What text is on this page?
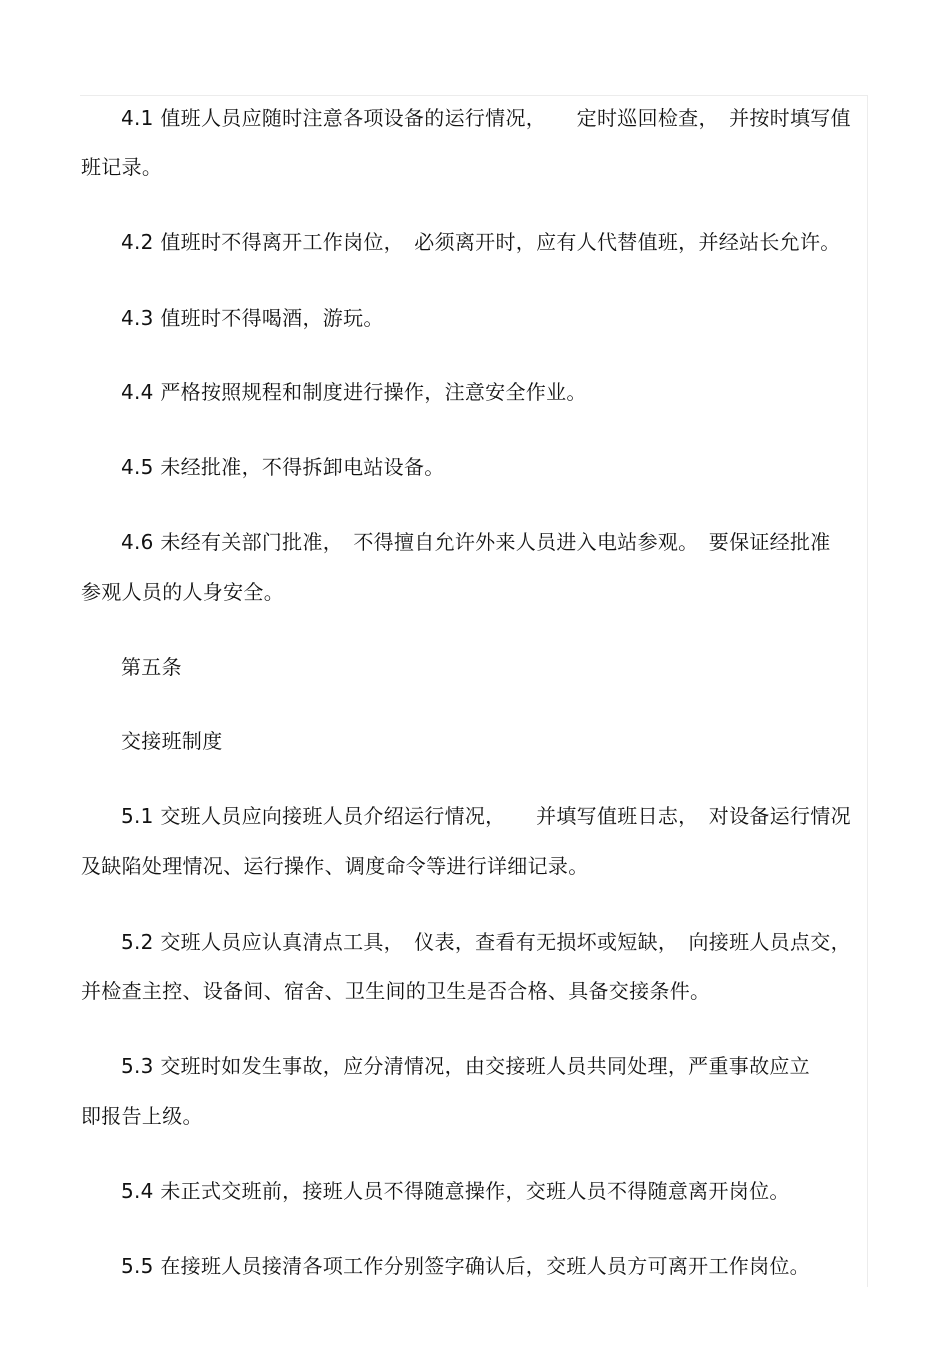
4.1 值班人员应随时注意各项设备的运行情况，　　定时巡回检查，　并按时填写值
班记录。
4.2 值班时不得离开工作岗位，　必须离开时，应有人代替值班，并经站长允许。
4.3 值班时不得喝酒，游玩。
4.4 严格按照规程和制度进行操作，注意安全作业。
4.5 未经批准，不得拆卸电站设备。
4.6 未经有关部门批准，　不得擅自允许外来人员进入电站参观。　要保证经批准
参观人员的人身安全。
第五条
交接班制度
5.1 交班人员应向接班人员介绍运行情况，　　并填写值班日志，　对设备运行情况
及缺陷处理情况、运行操作、调度命令等进行详细记录。
5.2 交班人员应认真清点工具，　仪表，查看有无损坏或短缺，　向接班人员点交，
并检查主控、设备间、宿舍、卫生间的卫生是否合格、具备交接条件。
5.3 交班时如发生事故，应分清情况，由交接班人员共同处理，严重事故应立
即报告上级。
5.4 未正式交班前，接班人员不得随意操作，交班人员不得随意离开岗位。
5.5 在接班人员接清各项工作分别签字确认后，交班人员方可离开工作岗位。
